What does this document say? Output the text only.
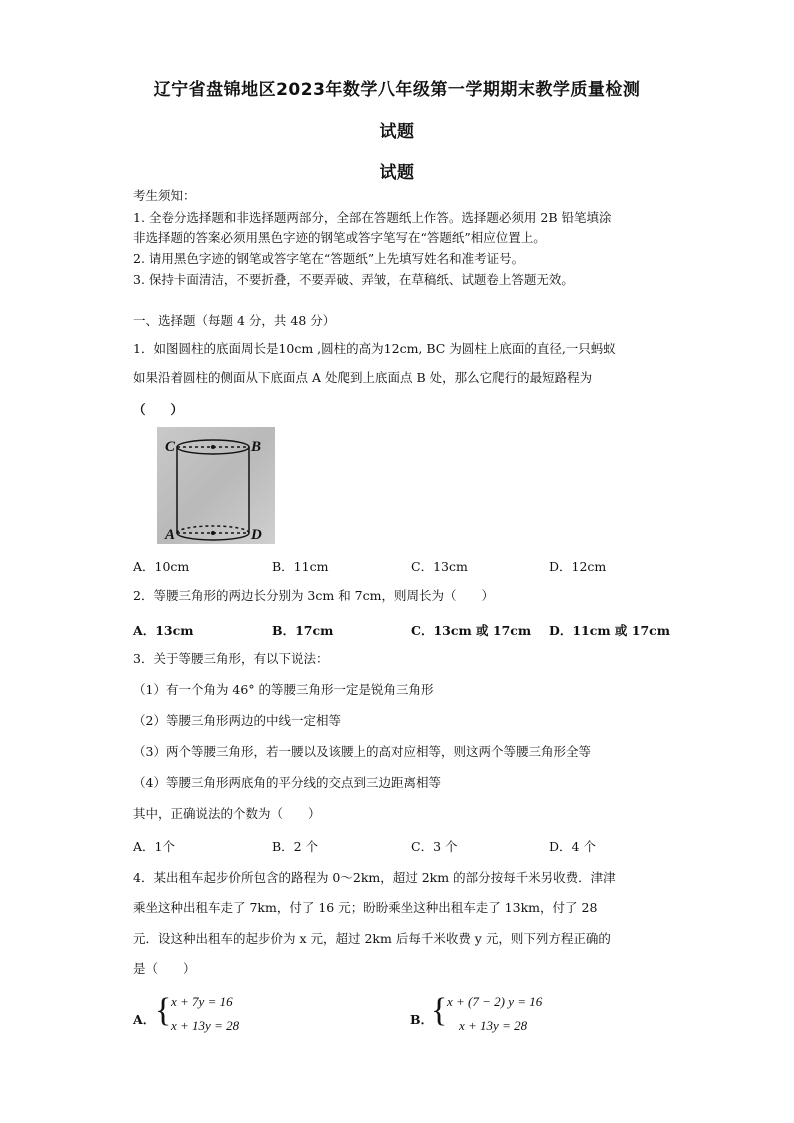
辽宁省盘锦地区2023年数学八年级第一学期期末教学质量检测
试题
试题
考生须知：
1. 全卷分选择题和非选择题两部分，全部在答题纸上作答。选择题必须用 2B 铅笔填涂
非选择题的答案必须用黑色字迹的钢笔或答字笔写在“答题纸”相应位置上。
2. 请用黑色字迹的钢笔或答字笔在“答题纸”上先填写姓名和准考证号。
3. 保持卡面清洁，不要折叠，不要弄破、弄皱，在草稿纸、试题卷上答题无效。
一、选择题（每题 4 分，共 48 分）
1．如图圆柱的底面周长是10cm ,圆柱的高为12cm, BC 为圆柱上底面的直径,一只蚂蚁
如果沿着圆柱的侧面从下底面点 A 处爬到上底面点 B 处，那么它爬行的最短路程为
（　　）
C	B
A	D
A．10cm	B．11cm	C．13cm	D．12cm
2．等腰三角形的两边长分别为 3cm 和 7cm，则周长为（　　）
A．13cm	B．17cm	C．13cm 或 17cm D．11cm 或 17cm
3．关于等腰三角形，有以下说法：
（1）有一个角为 46° 的等腰三角形一定是锐角三角形
（2）等腰三角形两边的中线一定相等
（3）两个等腰三角形，若一腰以及该腰上的高对应相等，则这两个等腰三角形全等
（4）等腰三角形两底角的平分线的交点到三边距离相等
其中，正确说法的个数为（　　）
A．1个	B．2 个	C．3 个	D．4 个
4．某出租车起步价所包含的路程为 0～2km，超过 2km 的部分按每千米另收费．津津
乘坐这种出租车走了 7km，付了 16 元；盼盼乘坐这种出租车走了 13km，付了 28
元．设这种出租车的起步价为 x 元，超过 2km 后每千米收费 y 元，则下列方程正确的
是（　　）
A． { x + 7y = 16
x + 13y = 28	B．
{ x + (7 − 2) y = 16
x + 13y = 28
